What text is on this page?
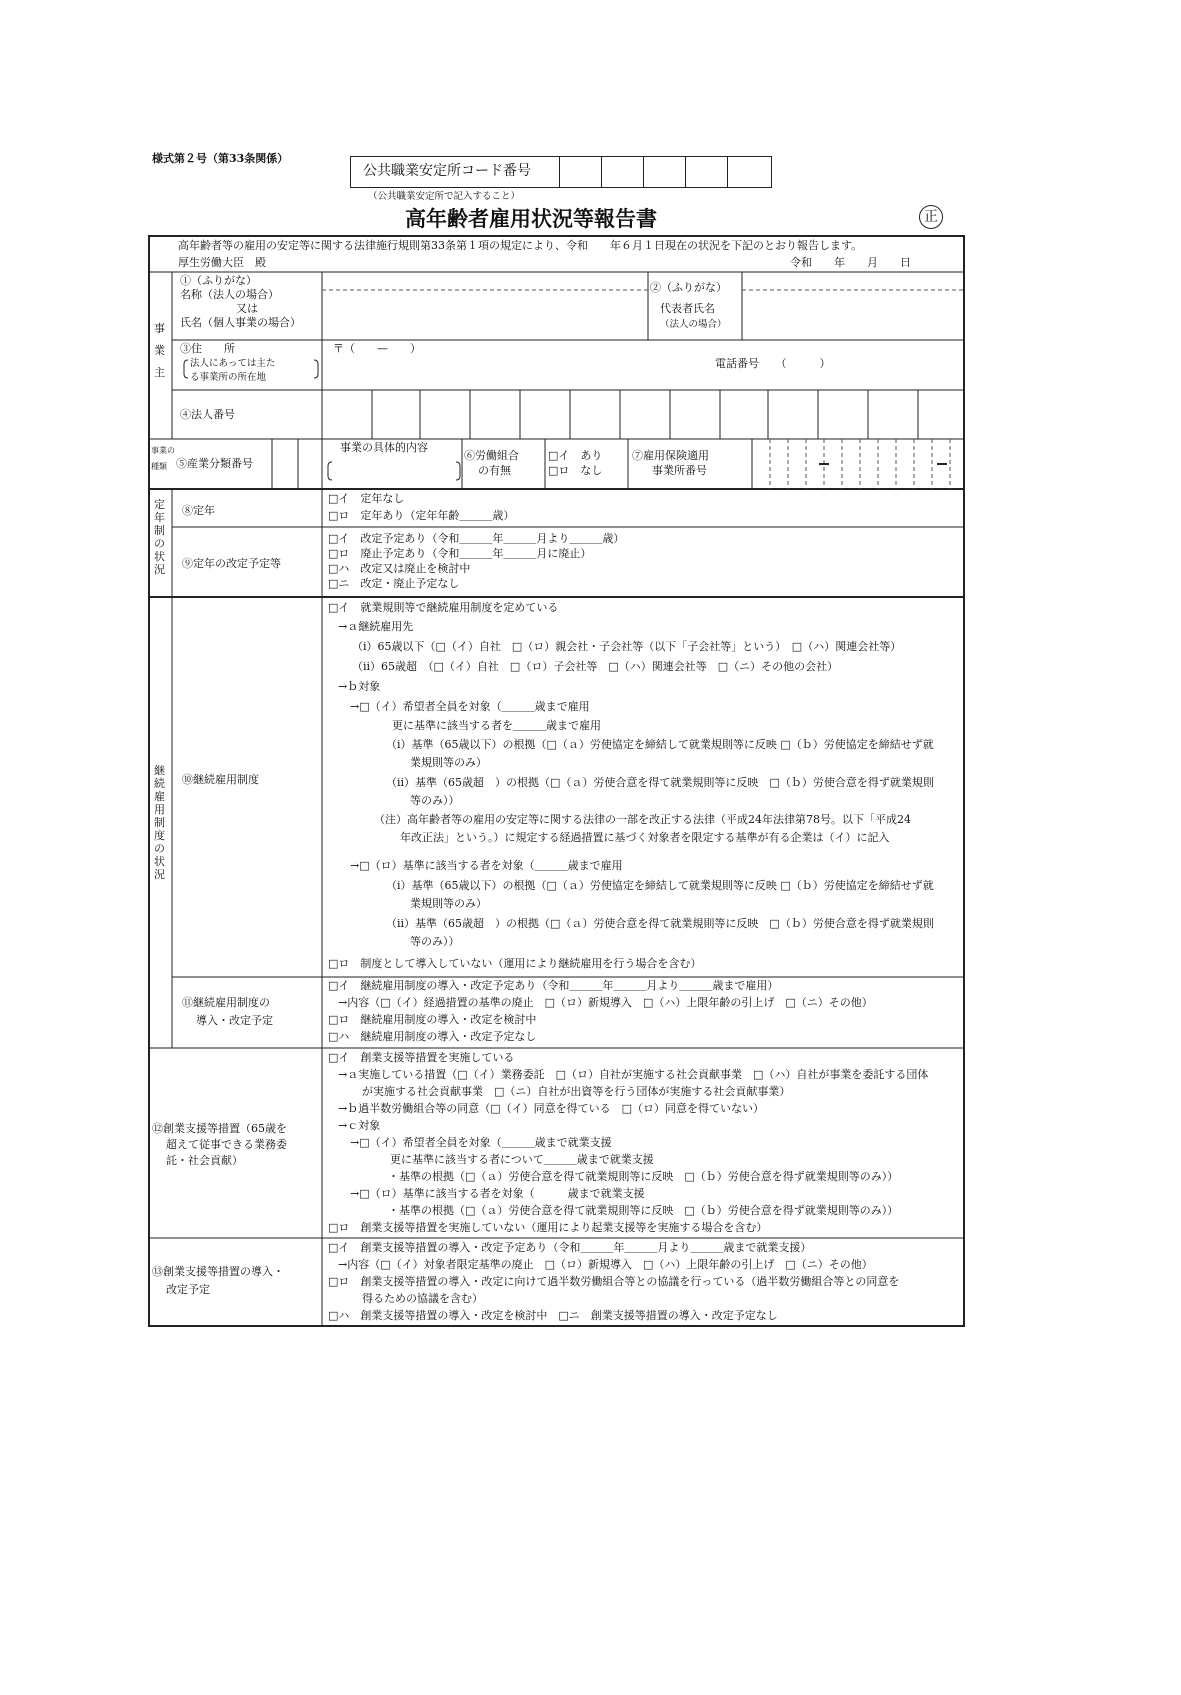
様式第２号（第33条関係）
公共職業安定所コード番号
（公共職業安定所で記入すること）
高年齢者雇用状況等報告書	正
高年齢者等の雇用の安定等に関する法律施行規則第33条第１項の規定により、令和　　年６月１日現在の状況を下記のとおり報告します。
厚生労働大臣　殿	令和　　年　　月　　日
事業主
①（ふりがな）
名称（法人の場合）
又は
氏名（個人事業の場合）
②（ふりがな）
代表者氏名
（法人の場合）
③住　　所
法人にあっては主た
る事業所の所在地
〒（　　—　　）
電話番号　　（　　　）
④法人番号
事業の
種類 ⑤産業分類番号
事業の具体的内容
⑥労働組合
の有無
□イ　あり
□ロ　なし
⑦雇用保険適用
事業所番号
定年制の状況
⑧定年
□イ　定年なし
□ロ　定年あり（定年年齢＿＿＿歳）
⑨定年の改定予定等
□イ　改定予定あり（令和＿＿＿年＿＿＿月より＿＿＿歳）
□ロ　廃止予定あり（令和＿＿＿年＿＿＿月に廃止）
□ハ　改定又は廃止を検討中
□ニ　改定・廃止予定なし
継続雇用制度の状況
⑩継続雇用制度
□イ　就業規則等で継続雇用制度を定めている
→ａ継続雇用先
（ⅰ）65歳以下（□（イ）自社　□（ロ）親会社・子会社等（以下「子会社等」という）　□（ハ）関連会社等）
（ⅱ）65歳超　（□（イ）自社　□（ロ）子会社等　□（ハ）関連会社等　□（ニ）その他の会社）
→ｂ対象
→□（イ）希望者全員を対象（＿＿＿歳まで雇用
更に基準に該当する者を＿＿＿歳まで雇用
（ⅰ）基準（65歳以下）の根拠（□（ａ）労使協定を締結して就業規則等に反映 □（ｂ）労使協定を締結せず就
業規則等のみ）
（ⅱ）基準（65歳超　）の根拠（□（ａ）労使合意を得て就業規則等に反映　□（ｂ）労使合意を得ず就業規則
等のみ））
（注）高年齢者等の雇用の安定等に関する法律の一部を改正する法律（平成24年法律第78号。以下「平成24
年改正法」という。）に規定する経過措置に基づく対象者を限定する基準が有る企業は（イ）に記入
→□（ロ）基準に該当する者を対象（＿＿＿歳まで雇用
（ⅰ）基準（65歳以下）の根拠（□（ａ）労使協定を締結して就業規則等に反映 □（ｂ）労使協定を締結せず就
業規則等のみ）
（ⅱ）基準（65歳超　）の根拠（□（ａ）労使合意を得て就業規則等に反映　□（ｂ）労使合意を得ず就業規則
等のみ））
□ロ　制度として導入していない（運用により継続雇用を行う場合を含む）
⑪継続雇用制度の
導入・改定予定
□イ　継続雇用制度の導入・改定予定あり（令和＿＿＿年＿＿＿月より＿＿＿歳まで雇用）
→内容（□（イ）経過措置の基準の廃止　□（ロ）新規導入　□（ハ）上限年齢の引上げ　□（ニ）その他）
□ロ　継続雇用制度の導入・改定を検討中
□ハ　継続雇用制度の導入・改定予定なし
⑫創業支援等措置（65歳を
超えて従事できる業務委
託・社会貢献）
□イ　創業支援等措置を実施している
→ａ実施している措置（□（イ）業務委託　□（ロ）自社が実施する社会貢献事業　□（ハ）自社が事業を委託する団体
が実施する社会貢献事業　□（ニ）自社が出資等を行う団体が実施する社会貢献事業）
→ｂ過半数労働組合等の同意（□（イ）同意を得ている　□（ロ）同意を得ていない）
→ｃ対象
→□（イ）希望者全員を対象（＿＿＿歳まで就業支援
更に基準に該当する者について＿＿＿歳まで就業支援
・基準の根拠（□（ａ）労使合意を得て就業規則等に反映　□（ｂ）労使合意を得ず就業規則等のみ））
→□（ロ）基準に該当する者を対象（　　　歳まで就業支援
・基準の根拠（□（ａ）労使合意を得て就業規則等に反映　□（ｂ）労使合意を得ず就業規則等のみ））
□ロ　創業支援等措置を実施していない（運用により起業支援等を実施する場合を含む）
⑬創業支援等措置の導入・
改定予定
□イ　創業支援等措置の導入・改定予定あり（令和＿＿＿年＿＿＿月より＿＿＿歳まで就業支援）
→内容（□（イ）対象者限定基準の廃止　□（ロ）新規導入　□（ハ）上限年齢の引上げ　□（ニ）その他）
□ロ　創業支援等措置の導入・改定に向けて過半数労働組合等との協議を行っている（過半数労働組合等との同意を
得るための協議を含む）
□ハ　創業支援等措置の導入・改定を検討中　□ニ　創業支援等措置の導入・改定予定なし
